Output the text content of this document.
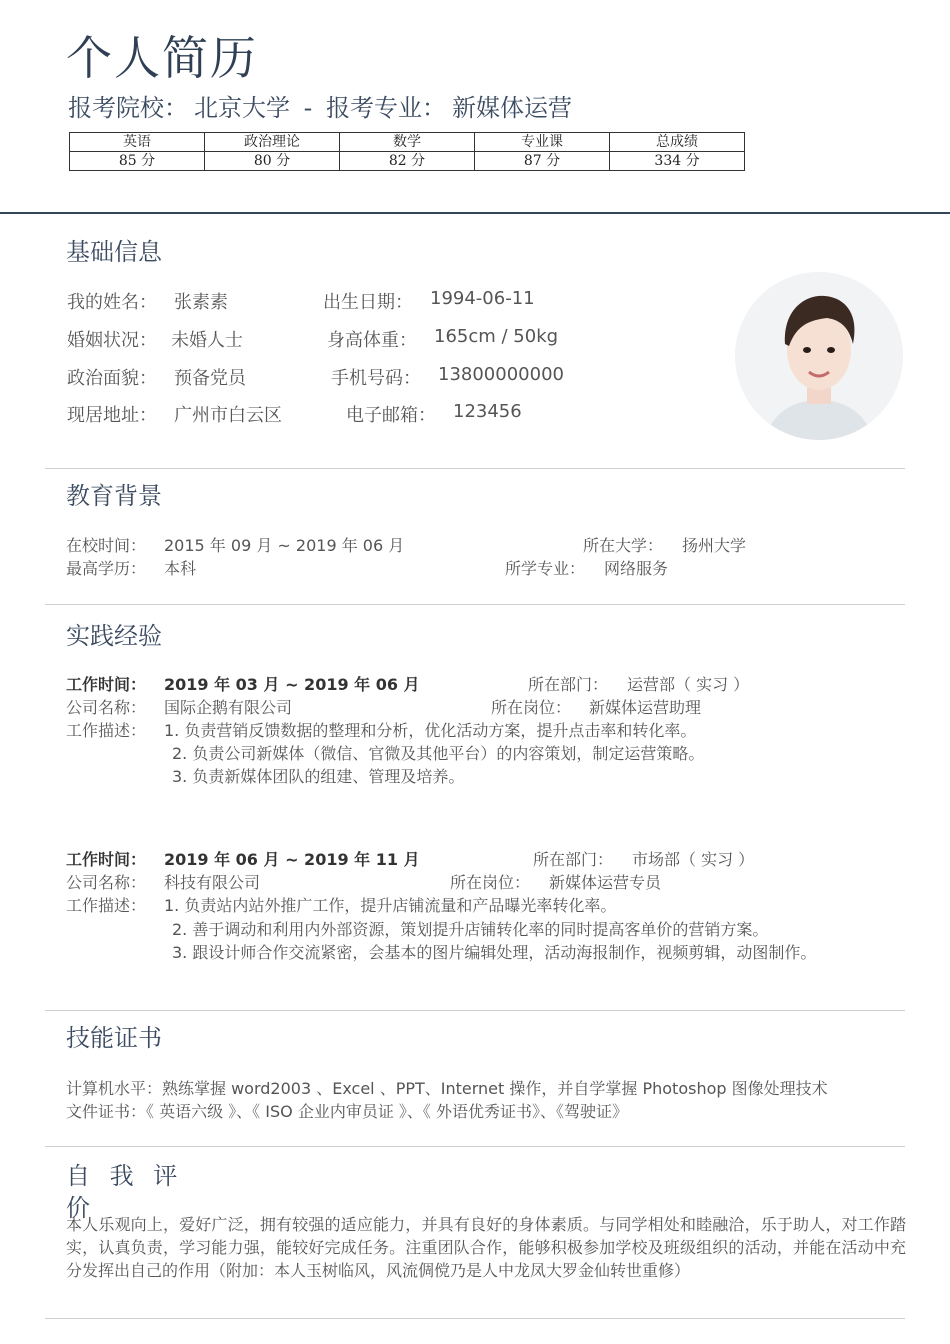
个人简历
报考院校： 北京大学 - 报考专业： 新媒体运营
英语	政治理论	数学	专业课	总成绩
85 分	80 分	82 分	87 分	334 分
基础信息
我的姓名： 张素素	出生日期： 1994-06-11
婚姻状况： 未婚人士	身高体重： 165cm / 50kg
政治面貌： 预备党员	手机号码： 13800000000
现居地址： 广州市白云区	电子邮箱： 123456
教育背景
在校时间： 2015 年 09 月 ~ 2019 年 06 月	所在大学： 扬州大学
最高学历： 本科	所学专业： 网络服务
实践经验
工作时间： 2019 年 03 月 ~ 2019 年 06 月	所在部门： 运营部（ 实习 ）
公司名称： 国际企鹅有限公司	所在岗位： 新媒体运营助理
工作描述： 1. 负责营销反馈数据的整理和分析，优化活动方案，提升点击率和转化率。
2. 负责公司新媒体（微信、官微及其他平台）的内容策划，制定运营策略。
3. 负责新媒体团队的组建、管理及培养。
工作时间： 2019 年 06 月 ~ 2019 年 11 月	所在部门： 市场部（ 实习 ）
公司名称： 科技有限公司	所在岗位： 新媒体运营专员
工作描述： 1. 负责站内站外推广工作，提升店铺流量和产品曝光率转化率。
2. 善于调动和利用内外部资源，策划提升店铺转化率的同时提高客单价的营销方案。
3. 跟设计师合作交流紧密，会基本的图片编辑处理，活动海报制作，视频剪辑，动图制作。
技能证书
计算机水平：熟练掌握 word2003 、Excel 、PPT、Internet 操作，并自学掌握 Photoshop 图像处理技术
文件证书：《 英语六级 》、《 ISO 企业内审员证 》、《 外语优秀证书》、《驾驶证》
自 我 评
价
本人乐观向上，爱好广泛，拥有较强的适应能力，并具有良好的身体素质。与同学相处和睦融洽，乐于助人，对工作踏实，认真负责，学习能力强，能较好完成任务。注重团队合作，能够积极参加学校及班级组织的活动，并能在活动中充分发挥出自己的作用（附加：本人玉树临风，风流倜傥乃是人中龙凤大罗金仙转世重修）
